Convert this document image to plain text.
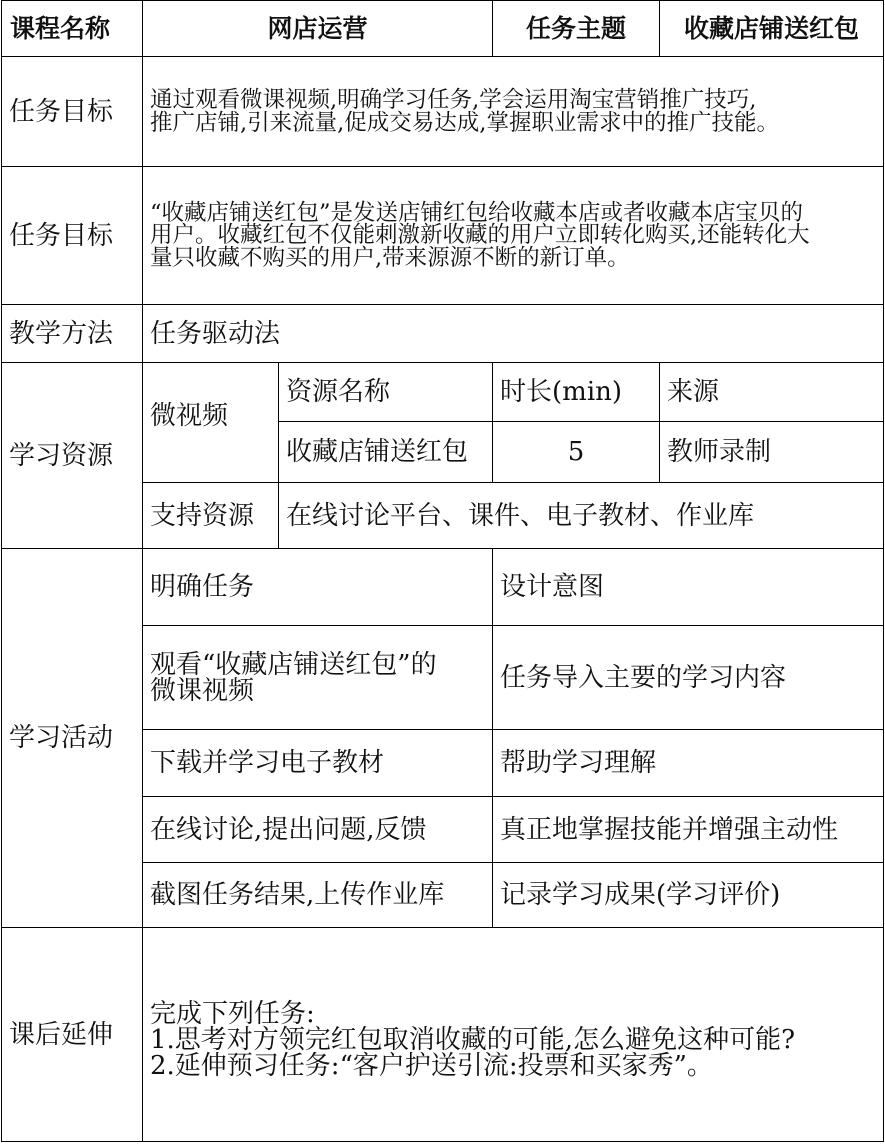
课程名称	网店运营		任务主题	收藏店铺送红包
任务目标	通过观看微课视频,明确学习任务,学会运用淘宝营销推广技巧,
推广店铺,引来流量,促成交易达成,掌握职业需求中的推广技能。			

任务目标	“收藏店铺送红包”是发送店铺红包给收藏本店或者收藏本店宝贝的
用户。收藏红包不仅能刺激新收藏的用户立即转化购买,还能转化大
量只收藏不购买的用户,带来源源不断的新订单。			

教学方法	任务驱动法			
学习资源	微视频	资源名称	时长(min)	来源
		收藏店铺送红包	5	教师录制
	支持资源	在线讨论平台、课件、电子教材、作业库		
学习活动	明确任务		设计意图	

	观看“收藏店铺送红包”的
微课视频		任务导入主要的学习内容	
	下载并学习电子教材		帮助学习理解	
	在线讨论,提出问题,反馈		真正地掌握技能并增强主动性	
	截图任务结果,上传作业库		记录学习成果(学习评价)	
课后延伸	完成下列任务:
1.思考对方领完红包取消收藏的可能,怎么避免这种可能?
2.延伸预习任务:“客户护送引流:投票和买家秀”。			
